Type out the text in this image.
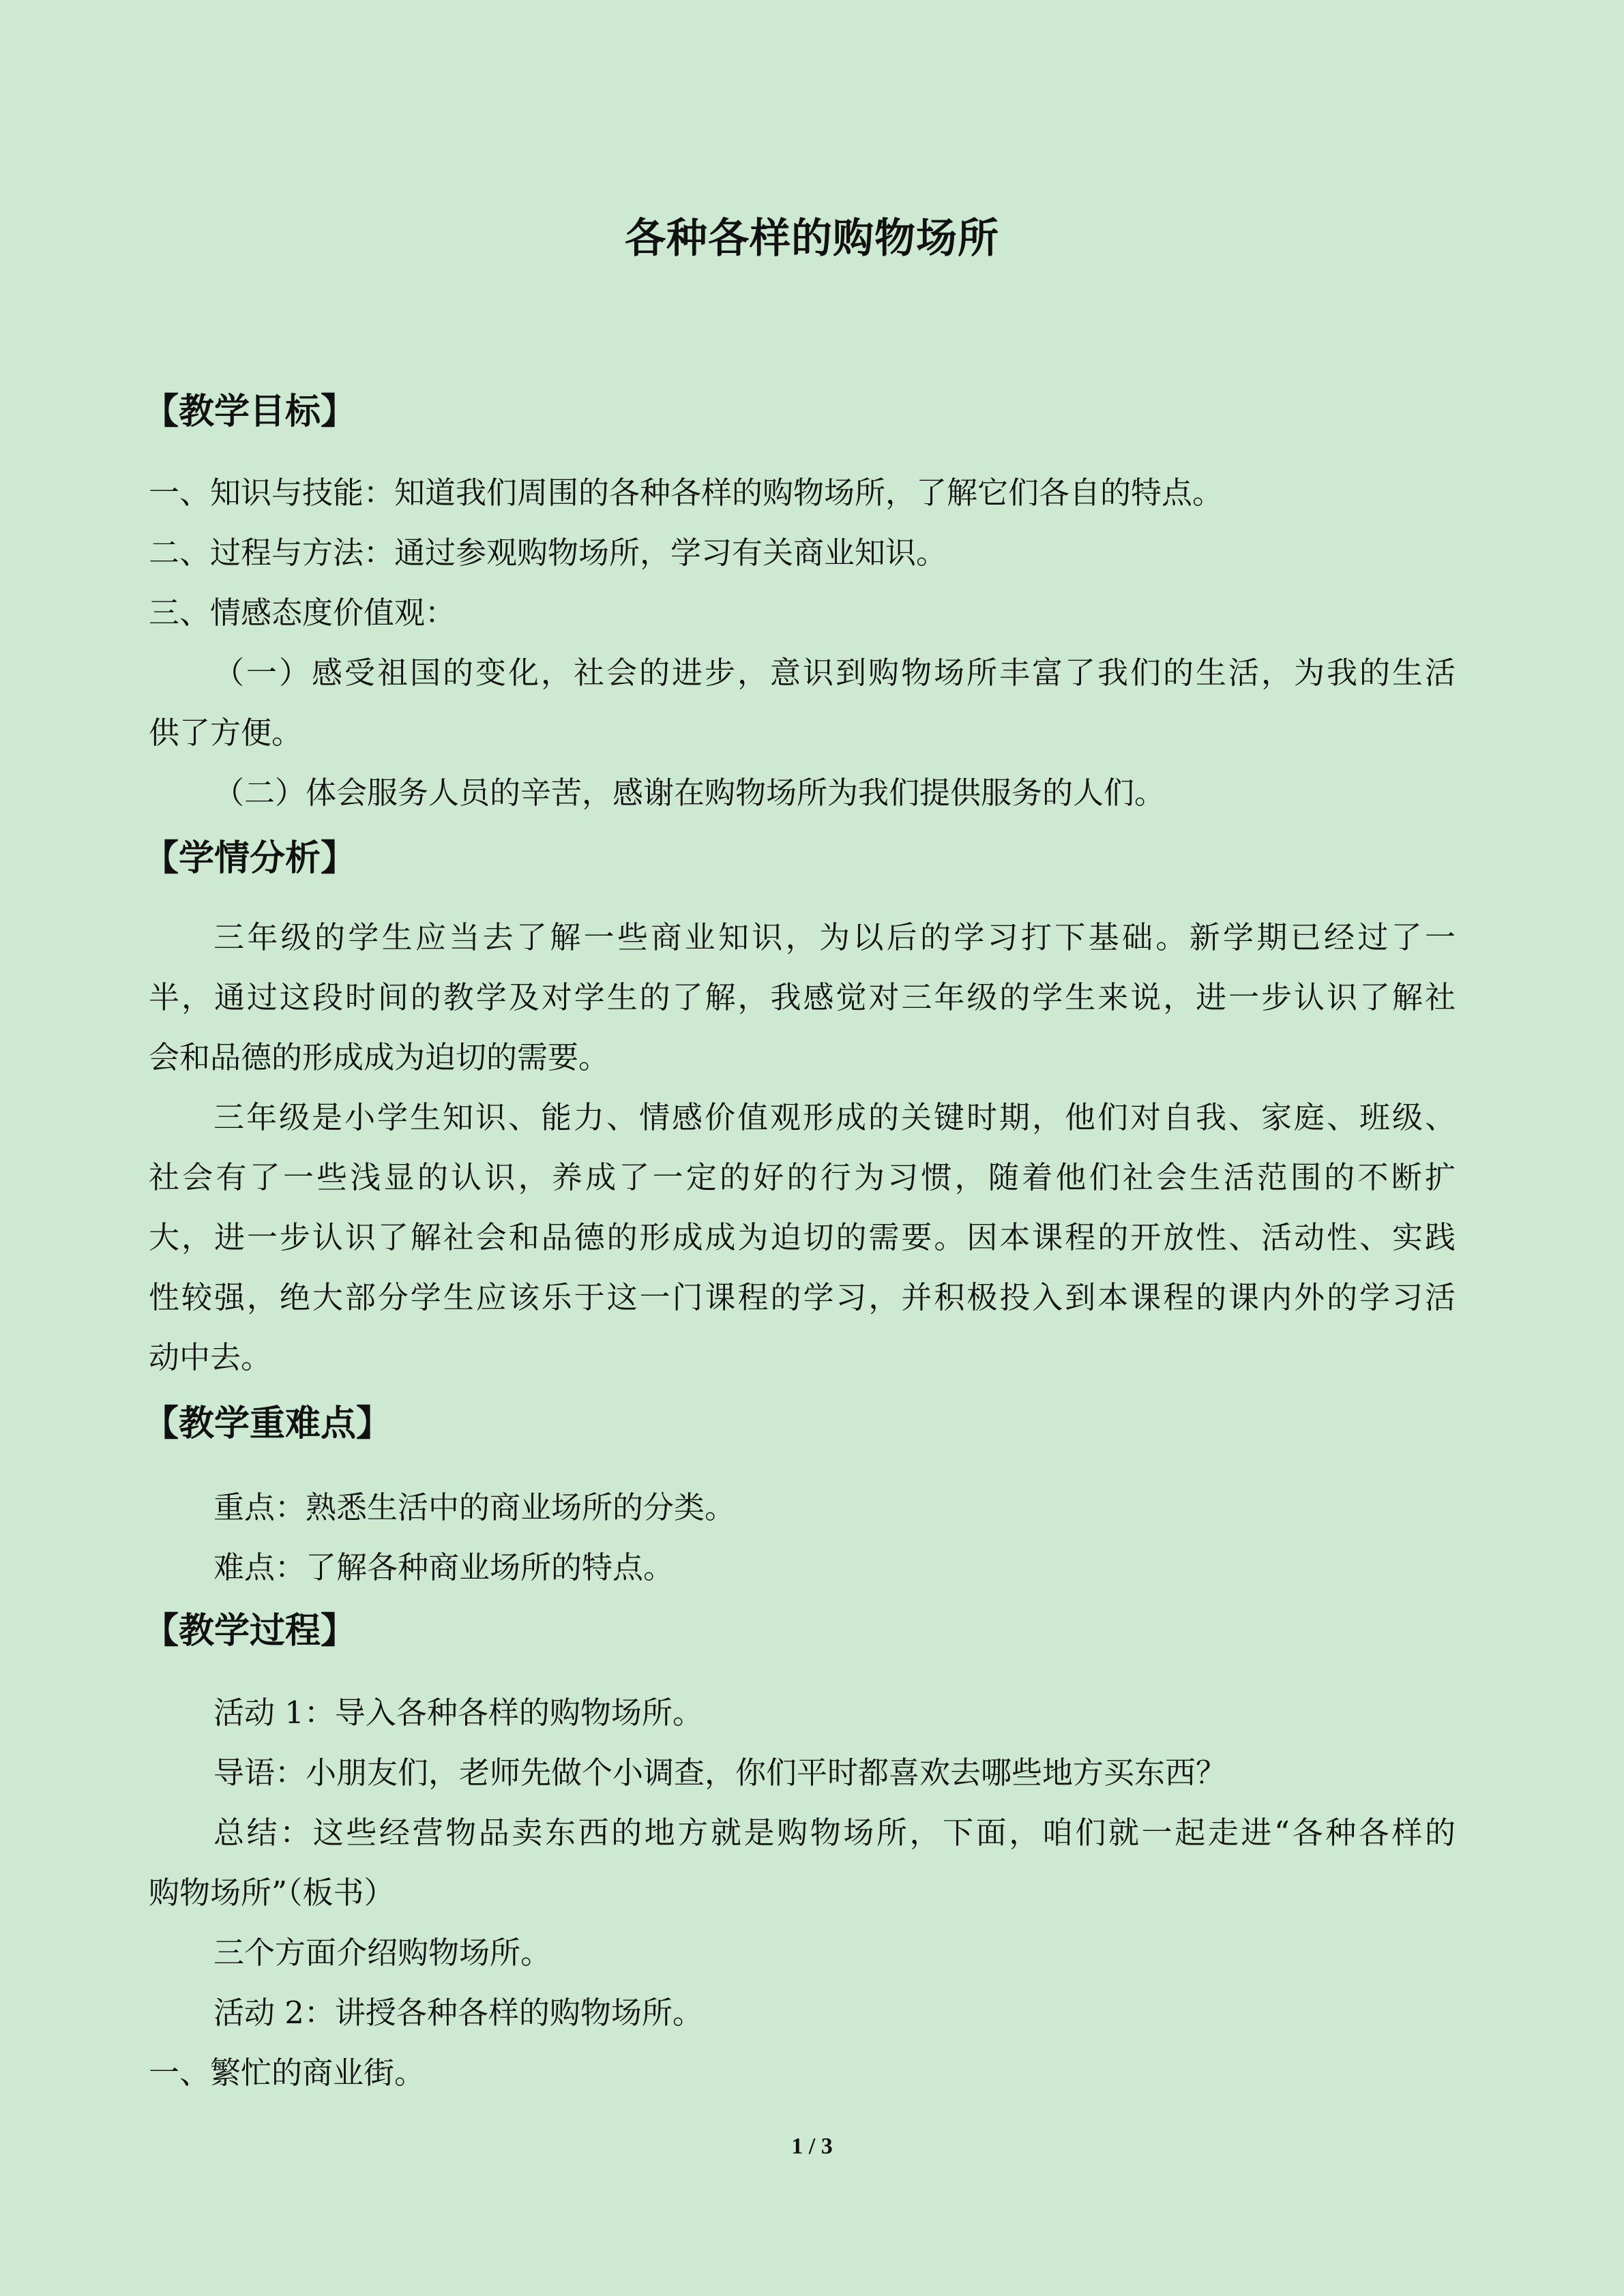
各种各样的购物场所
【教学目标】
一、知识与技能：知道我们周围的各种各样的购物场所，了解它们各自的特点。
二、过程与方法：通过参观购物场所，学习有关商业知识。
三、情感态度价值观：
（一）感受祖国的变化，社会的进步，意识到购物场所丰富了我们的生活，为我的生活
供了方便。
（二）体会服务人员的辛苦，感谢在购物场所为我们提供服务的人们。
【学情分析】
三年级的学生应当去了解一些商业知识，为以后的学习打下基础。新学期已经过了一
半，通过这段时间的教学及对学生的了解，我感觉对三年级的学生来说，进一步认识了解社
会和品德的形成成为迫切的需要。
三年级是小学生知识、能力、情感价值观形成的关键时期，他们对自我、家庭、班级、
社会有了一些浅显的认识，养成了一定的好的行为习惯，随着他们社会生活范围的不断扩
大，进一步认识了解社会和品德的形成成为迫切的需要。因本课程的开放性、活动性、实践
性较强，绝大部分学生应该乐于这一门课程的学习，并积极投入到本课程的课内外的学习活
动中去。
【教学重难点】
重点：熟悉生活中的商业场所的分类。
难点：了解各种商业场所的特点。
【教学过程】
活动 1：导入各种各样的购物场所。
导语：小朋友们，老师先做个小调查，你们平时都喜欢去哪些地方买东西？
总结：这些经营物品卖东西的地方就是购物场所，下面，咱们就一起走进“各种各样的
购物场所”（板书）
三个方面介绍购物场所。
活动 2：讲授各种各样的购物场所。
一、繁忙的商业街。
1 / 3
